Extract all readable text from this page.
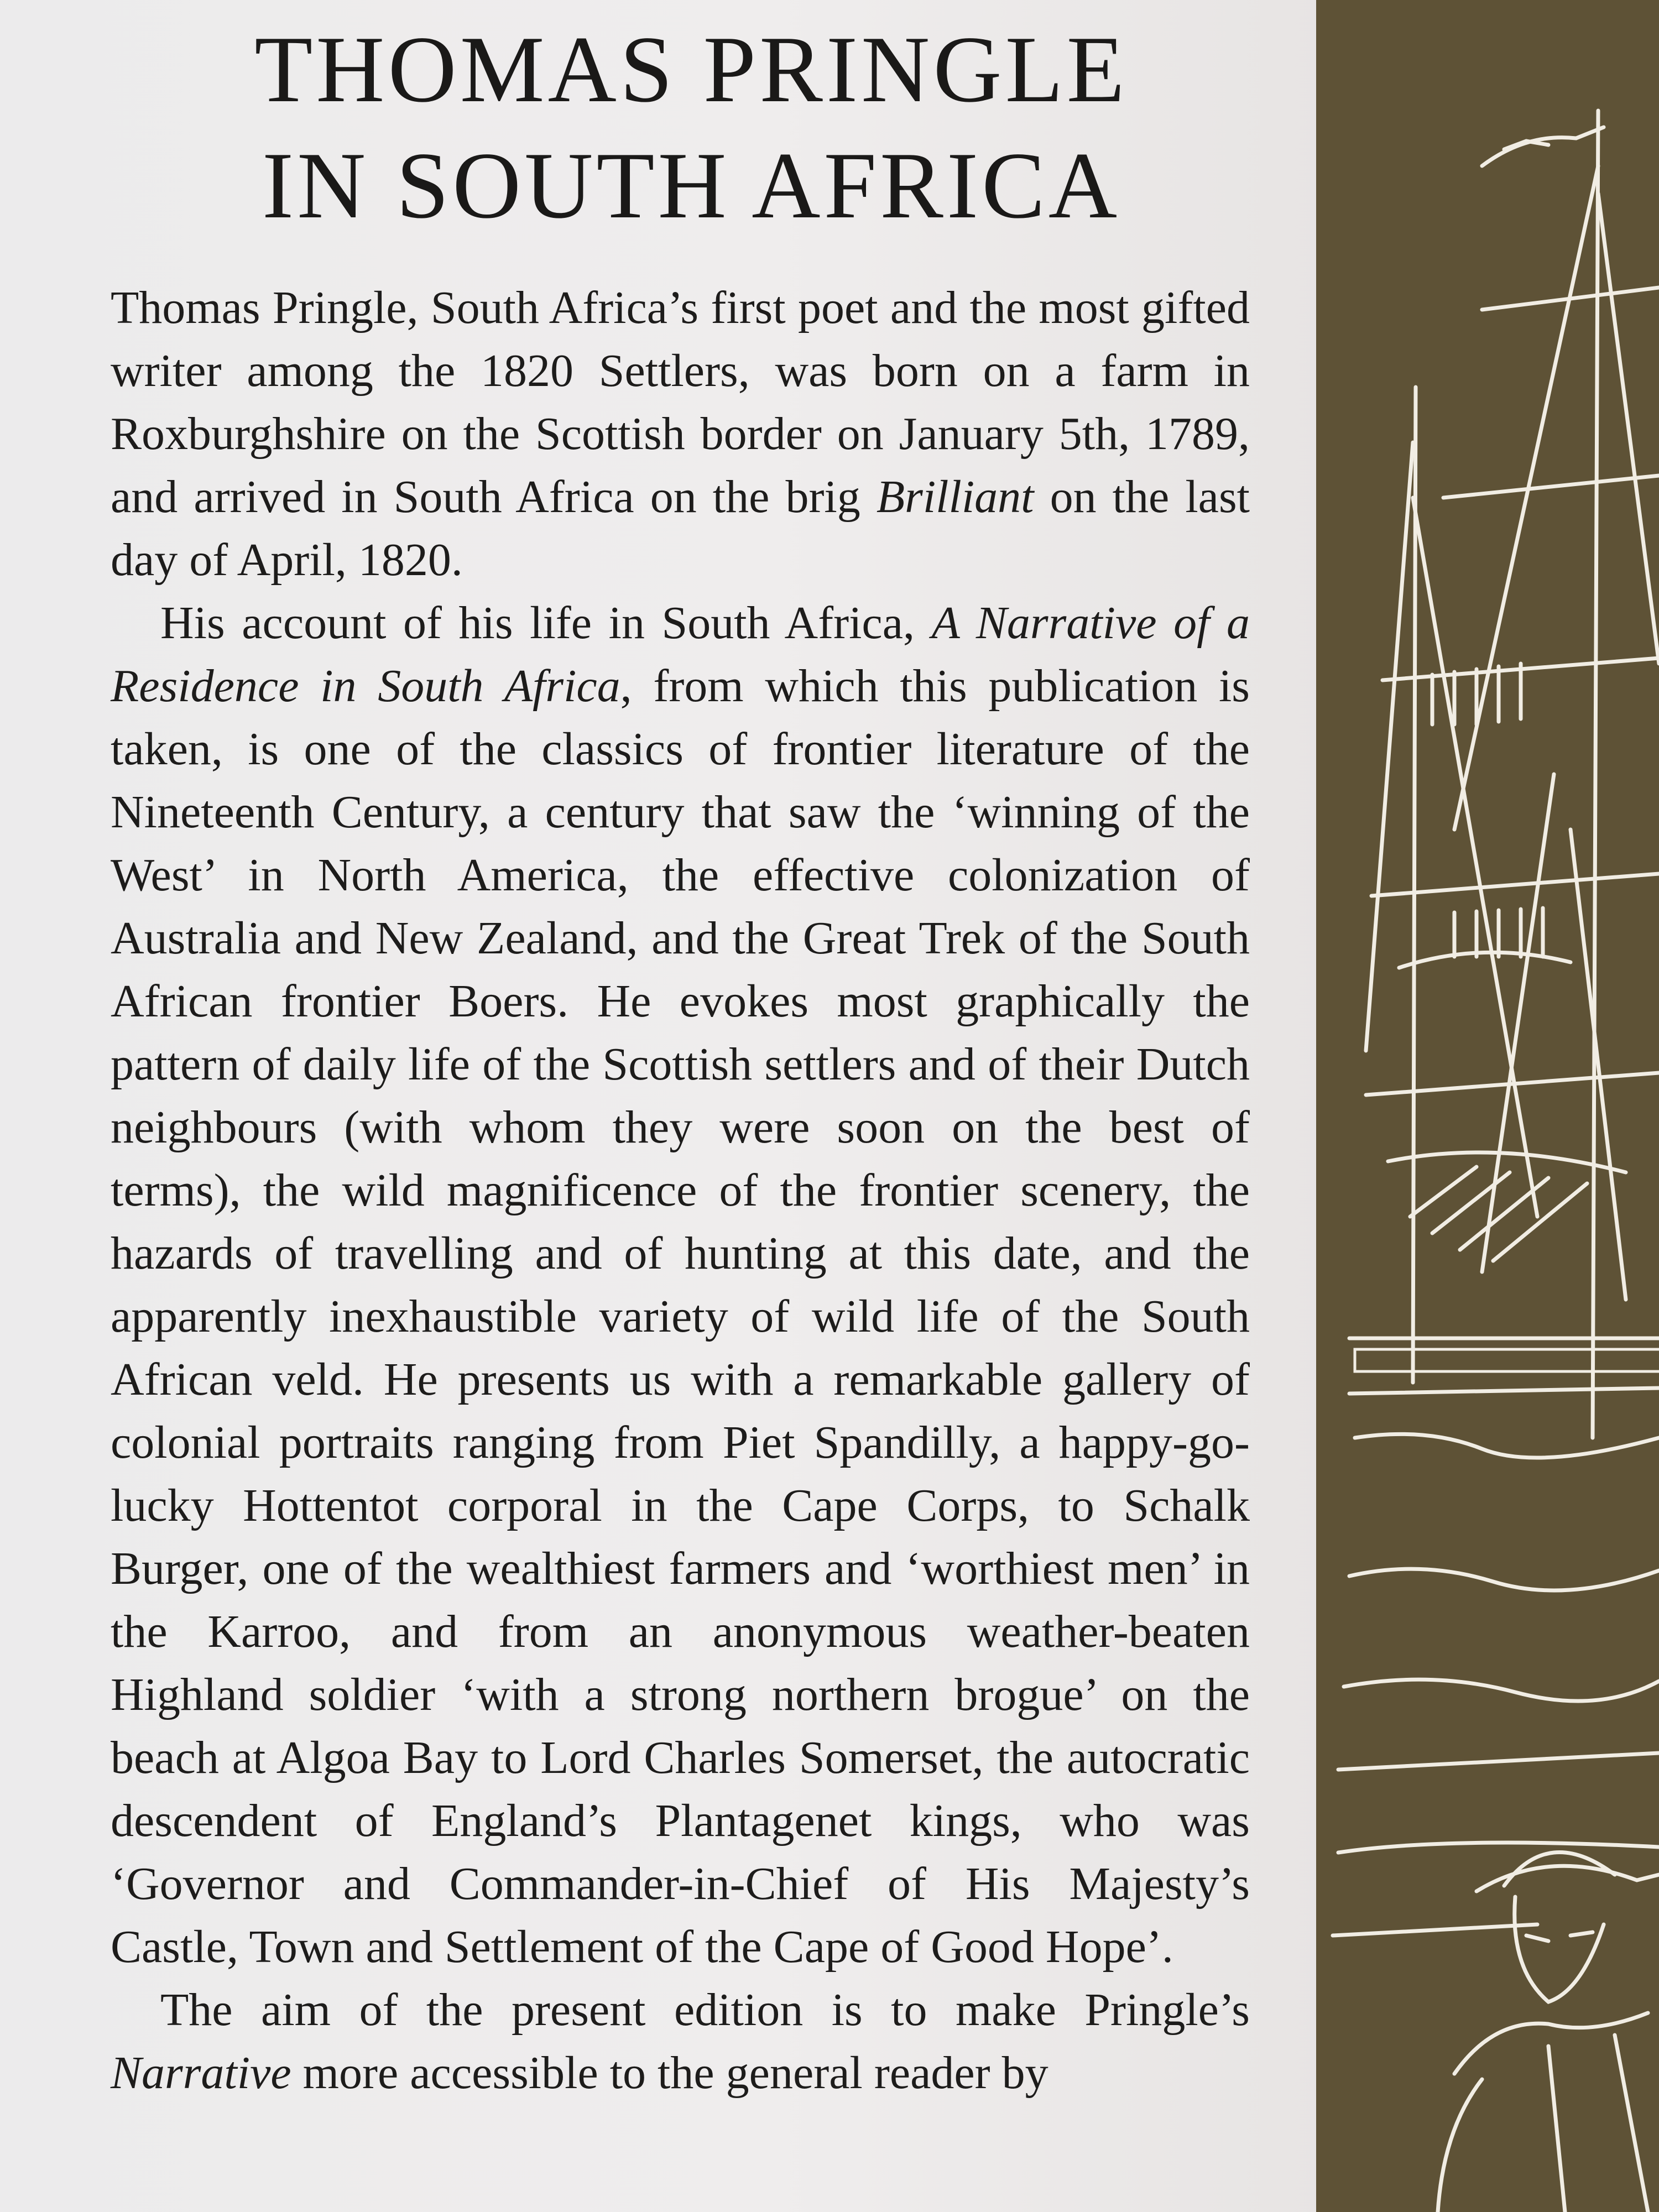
THOMAS PRINGLE
IN SOUTH AFRICA

Thomas Pringle, South Africa’s first poet and the most gifted writer among the 1820 Settlers, was born on a farm in Roxburghshire on the Scottish border on January 5th, 1789, and arrived in South Africa on the brig Brilliant on the last day of April, 1820.

His account of his life in South Africa, A Narrative of a Residence in South Africa, from which this publication is taken, is one of the classics of frontier literature of the Nineteenth Century, a century that saw the ‘winning of the West’ in North America, the effective colonization of Australia and New Zealand, and the Great Trek of the South African frontier Boers. He evokes most graphically the pattern of daily life of the Scottish settlers and of their Dutch neighbours (with whom they were soon on the best of terms), the wild magnificence of the frontier scenery, the hazards of travelling and of hunting at this date, and the apparently inexhaustible variety of wild life of the South African veld. He presents us with a remarkable gallery of colonial portraits ranging from Piet Spandilly, a happy-go-lucky Hottentot corporal in the Cape Corps, to Schalk Burger, one of the wealthiest farmers and ‘worthiest men’ in the Karroo, and from an anonymous weather-beaten Highland soldier ‘with a strong northern brogue’ on the beach at Algoa Bay to Lord Charles Somerset, the autocratic descendent of England’s Plantagenet kings, who was ‘Governor and Commander-in-Chief of His Majesty’s Castle, Town and Settlement of the Cape of Good Hope’.

The aim of the present edition is to make Pringle’s Narrative more accessible to the general reader by
